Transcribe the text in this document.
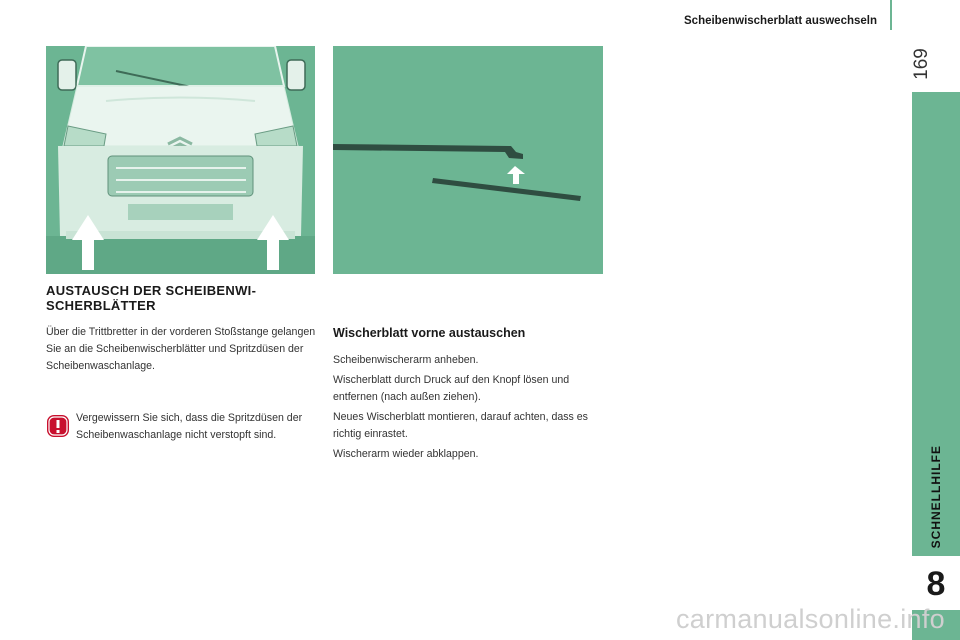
Scheibenwischerblatt auswechseln
169
SCHNELLHILFE
8
AUSTAUSCH DER SCHEIBENWI-
SCHERBLÄTTER
Über die Trittbretter in der vorderen Stoßstange gelangen Sie an die Scheibenwischerblätter und Spritzdüsen der Scheibenwaschanlage.
Vergewissern Sie sich, dass die Spritzdüsen der Scheibenwaschanlage nicht verstopft sind.
Wischerblatt vorne austauschen

Scheibenwischerarm anheben.

Wischerblatt durch Druck auf den Knopf lösen und entfernen (nach außen ziehen).

Neues Wischerblatt montieren, darauf achten, dass es richtig einrastet.

Wischerarm wieder abklappen.

carmanualsonline.info
